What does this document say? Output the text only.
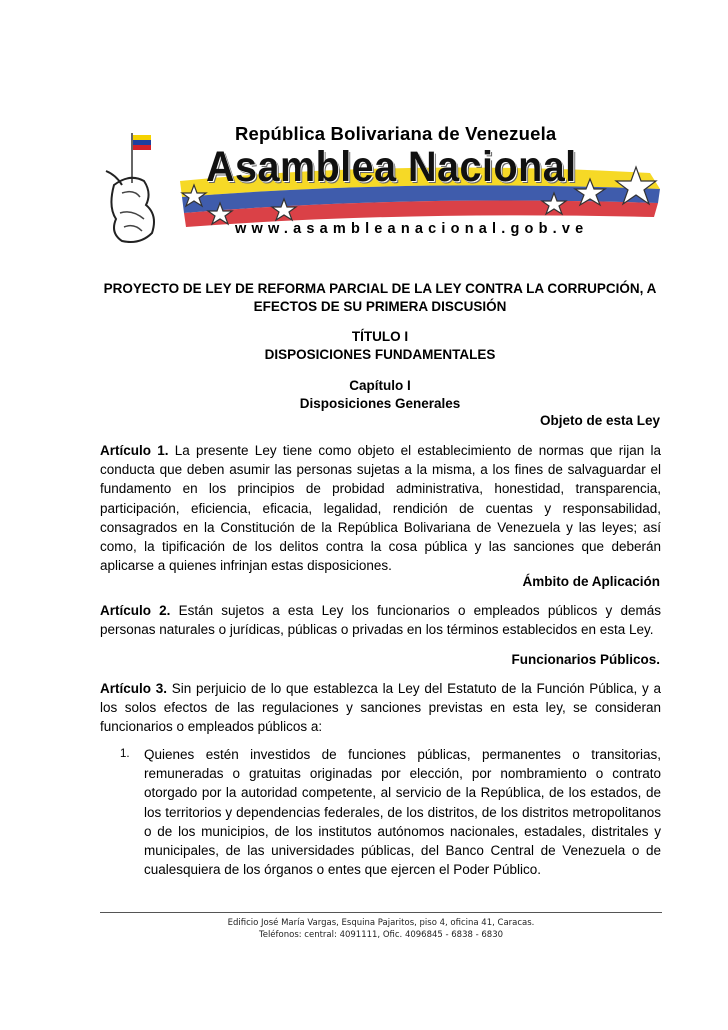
República Bolivariana de Venezuela
Asamblea Nacional
www.asambleanacional.gob.ve
PROYECTO DE LEY DE REFORMA PARCIAL DE LA LEY CONTRA LA CORRUPCIÓN, A
EFECTOS DE SU PRIMERA DISCUSIÓN
TÍTULO I
DISPOSICIONES FUNDAMENTALES
Capítulo I
Disposiciones Generales
Objeto de esta Ley
Artículo 1. La presente Ley tiene como objeto el establecimiento de normas que rijan la conducta que deben asumir las personas sujetas a la misma, a los fines de salvaguardar el fundamento en los principios de probidad administrativa, honestidad, transparencia, participación, eficiencia, eficacia, legalidad, rendición de cuentas y responsabilidad, consagrados en la Constitución de la República Bolivariana de Venezuela y las leyes; así como, la tipificación de los delitos contra la cosa pública y las sanciones que deberán aplicarse a quienes infrinjan estas disposiciones.
Ámbito de Aplicación
Artículo 2. Están sujetos a esta Ley los funcionarios o empleados públicos y demás personas naturales o jurídicas, públicas o privadas en los términos establecidos en esta Ley.
Funcionarios Públicos.
Artículo 3. Sin perjuicio de lo que establezca la Ley del Estatuto de la Función Pública, y a los solos efectos de las regulaciones y sanciones previstas en esta ley, se consideran funcionarios o empleados públicos a:
1. Quienes estén investidos de funciones públicas, permanentes o transitorias, remuneradas o gratuitas originadas por elección, por nombramiento o contrato otorgado por la autoridad competente, al servicio de la República, de los estados, de los territorios y dependencias federales, de los distritos, de los distritos metropolitanos o de los municipios, de los institutos autónomos nacionales, estadales, distritales y municipales, de las universidades públicas, del Banco Central de Venezuela o de cualesquiera de los órganos o entes que ejercen el Poder Público.
Edificio José María Vargas, Esquina Pajaritos, piso 4, oficina 41, Caracas.
Teléfonos: central: 4091111, Ofic. 4096845 - 6838 - 6830
